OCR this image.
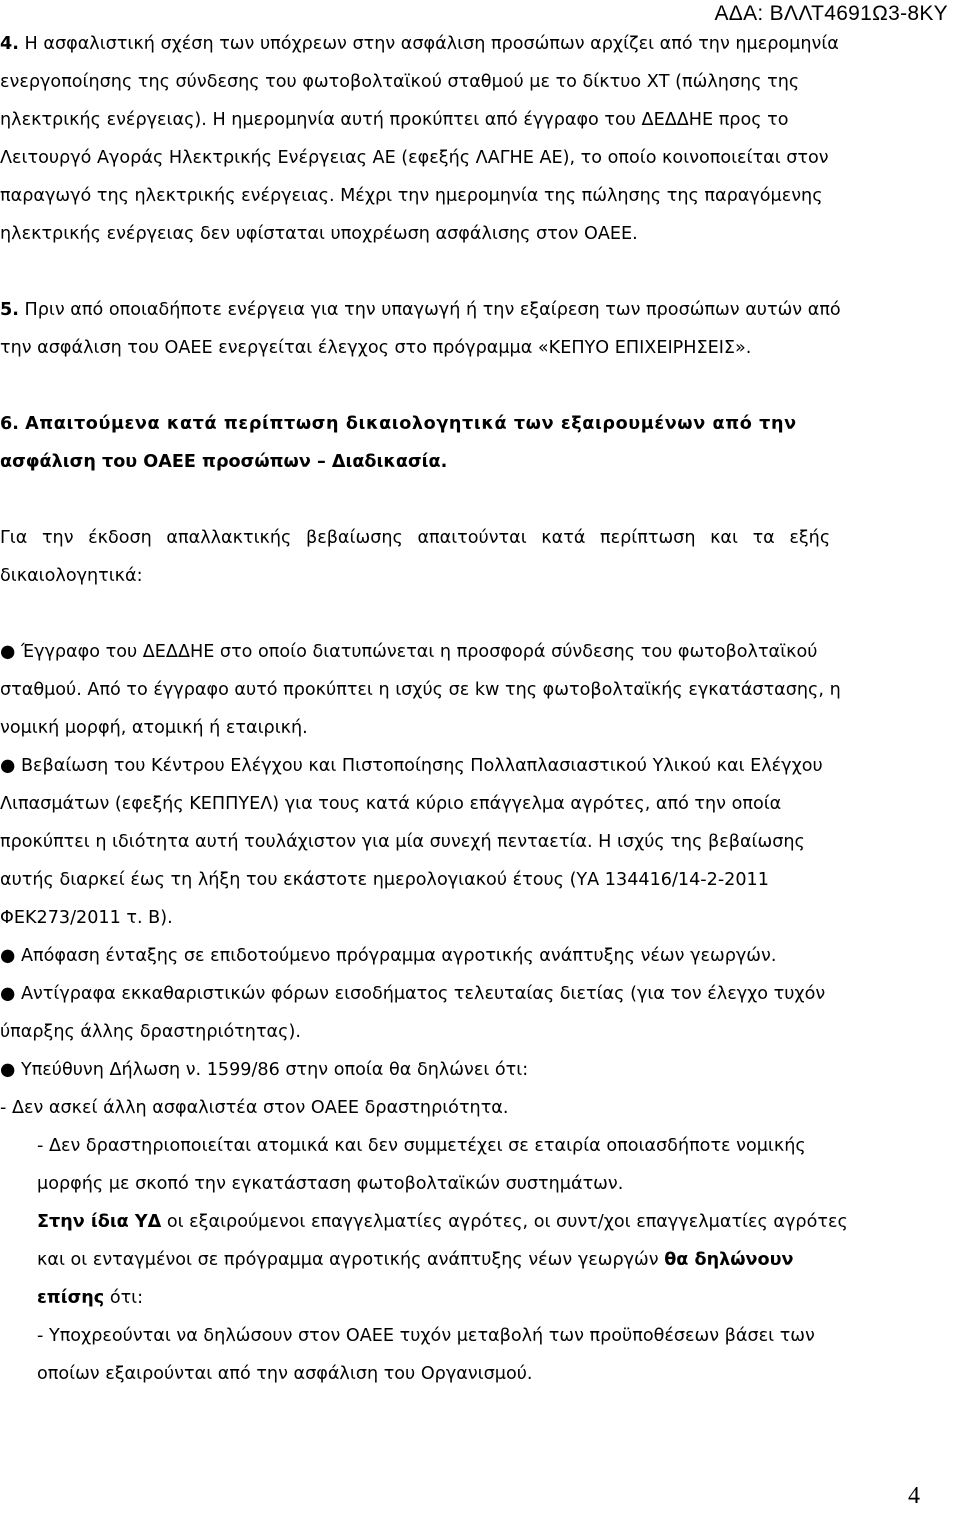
ΑΔΑ: ΒΛΛΤ4691Ω3-8ΚΥ
4. Η ασφαλιστική σχέση των υπόχρεων στην ασφάλιση προσώπων αρχίζει από την ημερομηνία
ενεργοποίησης της σύνδεσης του φωτοβολταϊκού σταθμού με το δίκτυο ΧΤ (πώλησης της
ηλεκτρικής ενέργειας). Η ημερομηνία αυτή προκύπτει από έγγραφο του ΔΕΔΔΗΕ προς το
Λειτουργό Αγοράς Ηλεκτρικής Ενέργειας ΑΕ (εφεξής ΛΑΓΗΕ ΑΕ), το οποίο κοινοποιείται στον
παραγωγό της ηλεκτρικής ενέργειας. Μέχρι την ημερομηνία της πώλησης της παραγόμενης
ηλεκτρικής ενέργειας δεν υφίσταται υποχρέωση ασφάλισης στον ΟΑΕΕ.
5. Πριν από οποιαδήποτε ενέργεια για την υπαγωγή ή την εξαίρεση των προσώπων αυτών από
την ασφάλιση του ΟΑΕΕ ενεργείται έλεγχος στο πρόγραμμα «ΚΕΠΥΟ ΕΠΙΧΕΙΡΗΣΕΙΣ».
6. Απαιτούμενα κατά περίπτωση δικαιολογητικά των εξαιρουμένων από την
ασφάλιση του ΟΑΕΕ προσώπων – Διαδικασία.
Για την έκδοση απαλλακτικής βεβαίωσης απαιτούνται κατά περίπτωση και τα εξής
δικαιολογητικά:
● Έγγραφο του ΔΕΔΔΗΕ στο οποίο διατυπώνεται η προσφορά σύνδεσης του φωτοβολταϊκού
σταθμού. Από το έγγραφο αυτό προκύπτει η ισχύς σε kw της φωτοβολταϊκής εγκατάστασης, η
νομική μορφή, ατομική ή εταιρική.
● Βεβαίωση του Κέντρου Ελέγχου και Πιστοποίησης Πολλαπλασιαστικού Υλικού και Ελέγχου
Λιπασμάτων (εφεξής ΚΕΠΠΥΕΛ) για τους κατά κύριο επάγγελμα αγρότες, από την οποία
προκύπτει η ιδιότητα αυτή τουλάχιστον για μία συνεχή πενταετία. Η ισχύς της βεβαίωσης
αυτής διαρκεί έως τη λήξη του εκάστοτε ημερολογιακού έτους (ΥΑ 134416/14-2-2011
ΦΕΚ273/2011 τ. Β).
● Απόφαση ένταξης σε επιδοτούμενο πρόγραμμα αγροτικής ανάπτυξης νέων γεωργών.
● Αντίγραφα εκκαθαριστικών φόρων εισοδήματος τελευταίας διετίας (για τον έλεγχο τυχόν
ύπαρξης άλλης δραστηριότητας).
● Υπεύθυνη Δήλωση ν. 1599/86 στην οποία θα δηλώνει ότι:
- Δεν ασκεί άλλη ασφαλιστέα στον ΟΑΕΕ δραστηριότητα.
- Δεν δραστηριοποιείται ατομικά και δεν συμμετέχει σε εταιρία οποιασδήποτε νομικής
μορφής με σκοπό την εγκατάσταση φωτοβολταϊκών συστημάτων.
Στην ίδια ΥΔ οι εξαιρούμενοι επαγγελματίες αγρότες, οι συντ/χοι επαγγελματίες αγρότες
και οι ενταγμένοι σε πρόγραμμα αγροτικής ανάπτυξης νέων γεωργών θα δηλώνουν
επίσης ότι:
- Υποχρεούνται να δηλώσουν στον ΟΑΕΕ τυχόν μεταβολή των προϋποθέσεων βάσει των
οποίων εξαιρούνται από την ασφάλιση του Οργανισμού.
4
